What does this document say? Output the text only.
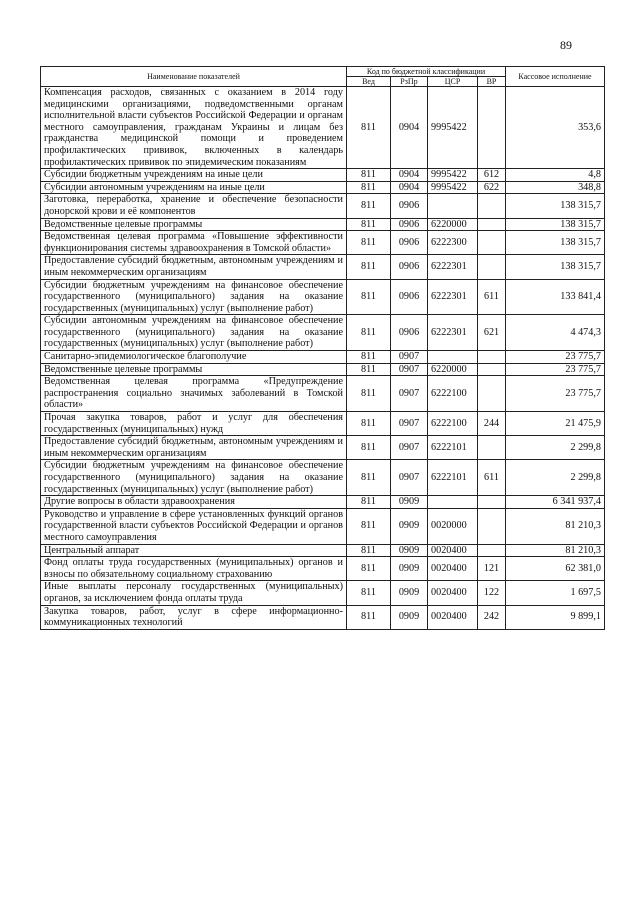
89
Наименование показателей	Код по бюджетной классификации				Кассовое исполнение
	Вед	РзПр	ЦСР	ВР	
Компенсация расходов, связанных с оказанием в 2014 году медицинскими организациями, подведомственными органам исполнительной власти субъектов Российской Федерации и органам местного самоуправления, гражданам Украины и лицам без гражданства медицинской помощи и проведением профилактических прививок, включенных в календарь профилактических прививок по эпидемическим показаниям	811	0904	9995422		353,6
Субсидии бюджетным учреждениям на иные цели	811	0904	9995422	612	4,8
Субсидии автономным учреждениям на иные цели	811	0904	9995422	622	348,8
Заготовка, переработка, хранение и обеспечение безопасности донорской крови и её компонентов	811	0906			138 315,7
Ведомственные целевые программы	811	0906	6220000		138 315,7
Ведомственная целевая программа «Повышение эффективности функционирования системы здравоохранения в Томской области»	811	0906	6222300		138 315,7
Предоставление субсидий бюджетным, автономным учреждениям и иным некоммерческим организациям	811	0906	6222301		138 315,7
Субсидии бюджетным учреждениям на финансовое обеспечение государственного (муниципального) задания на оказание государственных (муниципальных) услуг (выполнение работ)	811	0906	6222301	611	133 841,4
Субсидии автономным учреждениям на финансовое обеспечение государственного (муниципального) задания на оказание государственных (муниципальных) услуг (выполнение работ)	811	0906	6222301	621	4 474,3
Санитарно-эпидемиологическое благополучие	811	0907			23 775,7
Ведомственные целевые программы	811	0907	6220000		23 775,7
Ведомственная целевая программа «Предупреждение распространения социально значимых заболеваний в Томской области»	811	0907	6222100		23 775,7
Прочая закупка товаров, работ и услуг для обеспечения государственных (муниципальных) нужд	811	0907	6222100	244	21 475,9
Предоставление субсидий бюджетным, автономным учреждениям и иным некоммерческим организациям	811	0907	6222101		2 299,8
Субсидии бюджетным учреждениям на финансовое обеспечение государственного (муниципального) задания на оказание государственных (муниципальных) услуг (выполнение работ)	811	0907	6222101	611	2 299,8
Другие вопросы в области здравоохранения	811	0909			6 341 937,4
Руководство и управление в сфере установленных функций органов государственной власти субъектов Российской Федерации и органов местного самоуправления	811	0909	0020000		81 210,3
Центральный аппарат	811	0909	0020400		81 210,3
Фонд оплаты труда государственных (муниципальных) органов и взносы по обязательному социальному страхованию	811	0909	0020400	121	62 381,0
Иные выплаты персоналу государственных (муниципальных) органов, за исключением фонда оплаты труда	811	0909	0020400	122	1 697,5
Закупка товаров, работ, услуг в сфере информационно-коммуникационных технологий	811	0909	0020400	242	9 899,1
